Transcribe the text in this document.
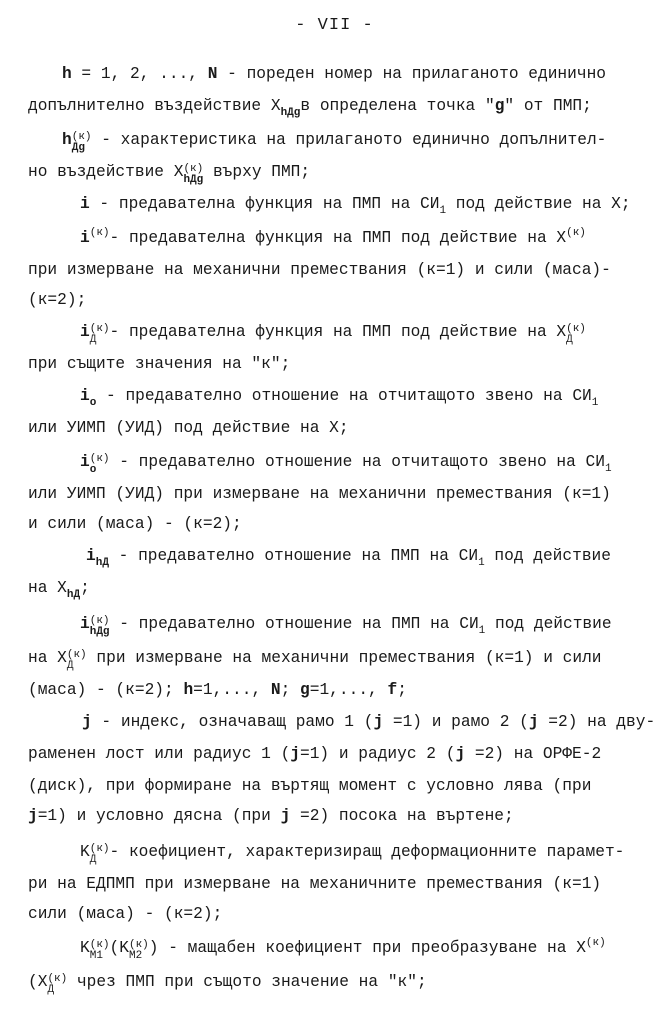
- VII -
h = 1, 2, ..., N - пореден номер на прилаганото единично
допълнително въздействие $X_{hДg}в$ определена точка "g" от ПМП;
h (к)
Дg - характеристика на прилаганото единично допълнител-
но въздействие X (к)
hДg върху ПМП;
i - предавателна функция на ПМП на $СИ_1$ под действие на X;
$i^{(к)}-$ предавателна функция на ПМП под действие на $X^{(к)}$
при измерване на механични премествания (к=1) и сили (маса)-
(к=2);
i (к)
Д - предавателна функция на ПМП под действие на X (к)
Д
при същите значения на "к";
$i_o$ - предавателно отношение на отчитащото звено на $СИ_1$
или УИМП (УИД) под действие на X;
i (к)
o - предавателно отношение на отчитащото звено на $СИ_1$
или УИМП (УИД) при измерване на механични премествания (к=1)
и сили (маса) - (к=2);
$i_{hД}$ - предавателно отношение на ПМП на $СИ_1$ под действие
на $X_{hД}$;
i (к)
hДg - предавателно отношение на ПМП на $СИ_1$ под действие
на X (к)
Д при измерване на механични премествания (к=1) и сили
(маса) - (к=2); h=1,..., N; g=1,..., f;
j - индекс, означаващ рамо 1 (j =1) и рамо 2 (j =2) на дву-
раменен лост или радиус 1 (j=1) и радиус 2 (j =2) на ОРФЕ-2
(диск), при формиране на въртящ момент с условно лява (при
j=1) и условно дясна (при j =2) посока на въртене;
K (к)
Д - коефициент, характеризиращ деформационните парамет-
ри на ЕДПМП при измерване на механичните премествания (к=1)
сили (маса) - (к=2);
K (к)
M1 (K (к)
M2 ) - мащабен коефициент при преобразуване на $X^{(к)}$
(X (к)
Д чрез ПМП при същото значение на "к";
